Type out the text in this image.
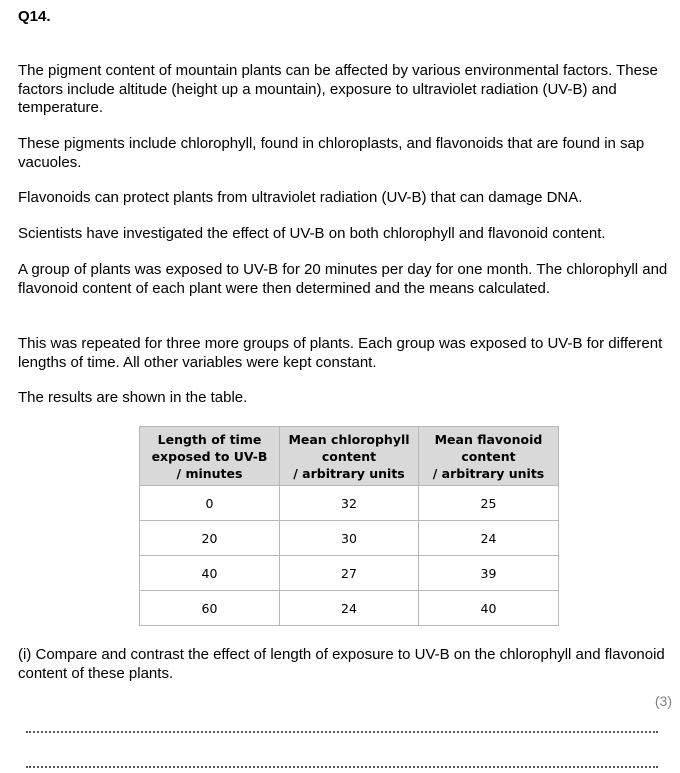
Q14.

The pigment content of mountain plants can be affected by various environmental factors. These factors include altitude (height up a mountain), exposure to ultraviolet radiation (UV-B) and temperature.

These pigments include chlorophyll, found in chloroplasts, and flavonoids that are found in sap vacuoles.

Flavonoids can protect plants from ultraviolet radiation (UV-B) that can damage DNA.

Scientists have investigated the effect of UV-B on both chlorophyll and flavonoid content.

A group of plants was exposed to UV-B for 20 minutes per day for one month. The chlorophyll and flavonoid content of each plant were then determined and the means calculated.

This was repeated for three more groups of plants. Each group was exposed to UV-B for different lengths of time. All other variables were kept constant.

The results are shown in the table.

Length of time
exposed to UV-B
/ minutes	Mean chlorophyll
content
/ arbitrary units	Mean flavonoid
content
/ arbitrary units
0	32	25
20	30	24
40	27	39
60	24	40

(i) Compare and contrast the effect of length of exposure to UV-B on the chlorophyll and flavonoid content of these plants.

(3)
